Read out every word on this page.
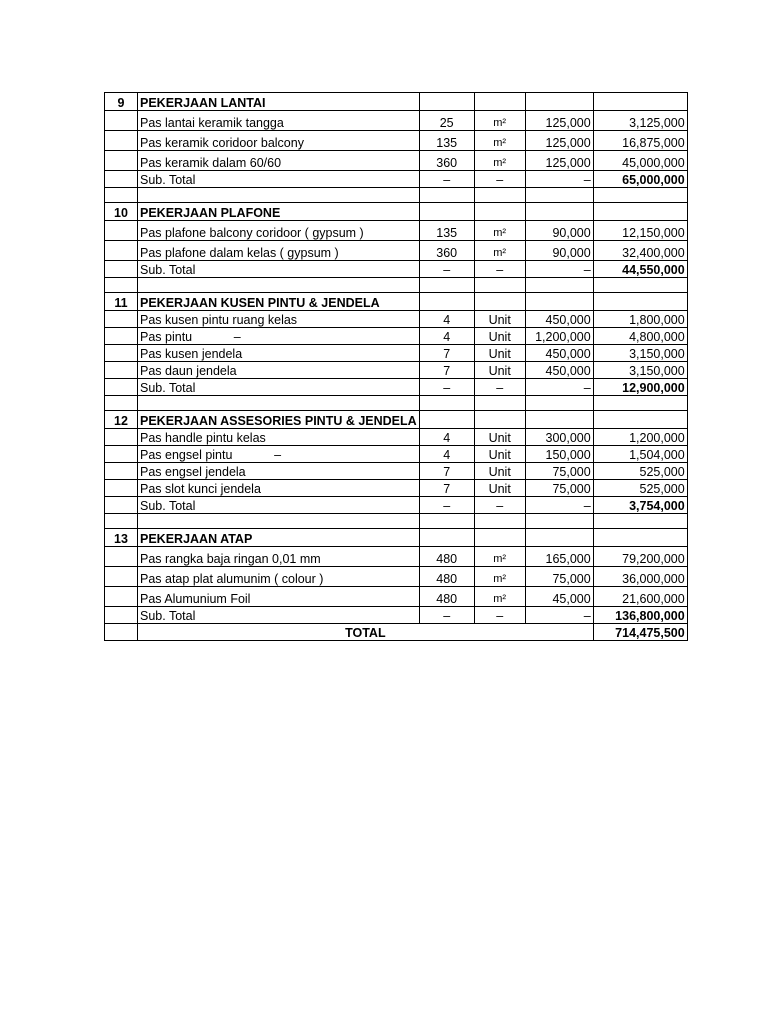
9	PEKERJAAN LANTAI				
	Pas lantai keramik tangga	25	m²	125,000	3,125,000
	Pas keramik coridoor balcony	135	m²	125,000	16,875,000
	Pas keramik dalam 60/60	360	m²	125,000	45,000,000
	Sub. Total	–	–	–	65,000,000

10	PEKERJAAN PLAFONE				
	Pas plafone balcony coridoor ( gypsum )	135	m²	90,000	12,150,000
	Pas plafone dalam kelas ( gypsum )	360	m²	90,000	32,400,000
	Sub. Total	–	–	–	44,550,000

11	PEKERJAAN KUSEN PINTU & JENDELA				
	Pas kusen pintu ruang kelas	4	Unit	450,000	1,800,000
	Pas pintu            –	4	Unit	1,200,000	4,800,000
	Pas kusen jendela	7	Unit	450,000	3,150,000
	Pas daun jendela	7	Unit	450,000	3,150,000
	Sub. Total	–	–	–	12,900,000

12	PEKERJAAN ASSESORIES PINTU & JENDELA				
	Pas handle pintu kelas	4	Unit	300,000	1,200,000
	Pas engsel pintu            –	4	Unit	150,000	1,504,000
	Pas engsel jendela	7	Unit	75,000	525,000
	Pas slot kunci jendela	7	Unit	75,000	525,000
	Sub. Total	–	–	–	3,754,000

13	PEKERJAAN ATAP				
	Pas rangka baja ringan 0,01 mm	480	m²	165,000	79,200,000
	Pas atap plat alumunim ( colour )	480	m²	75,000	36,000,000
	Pas Alumunium Foil	480	m²	45,000	21,600,000
	Sub. Total	–	–	–	136,800,000
	TOTAL				714,475,500
